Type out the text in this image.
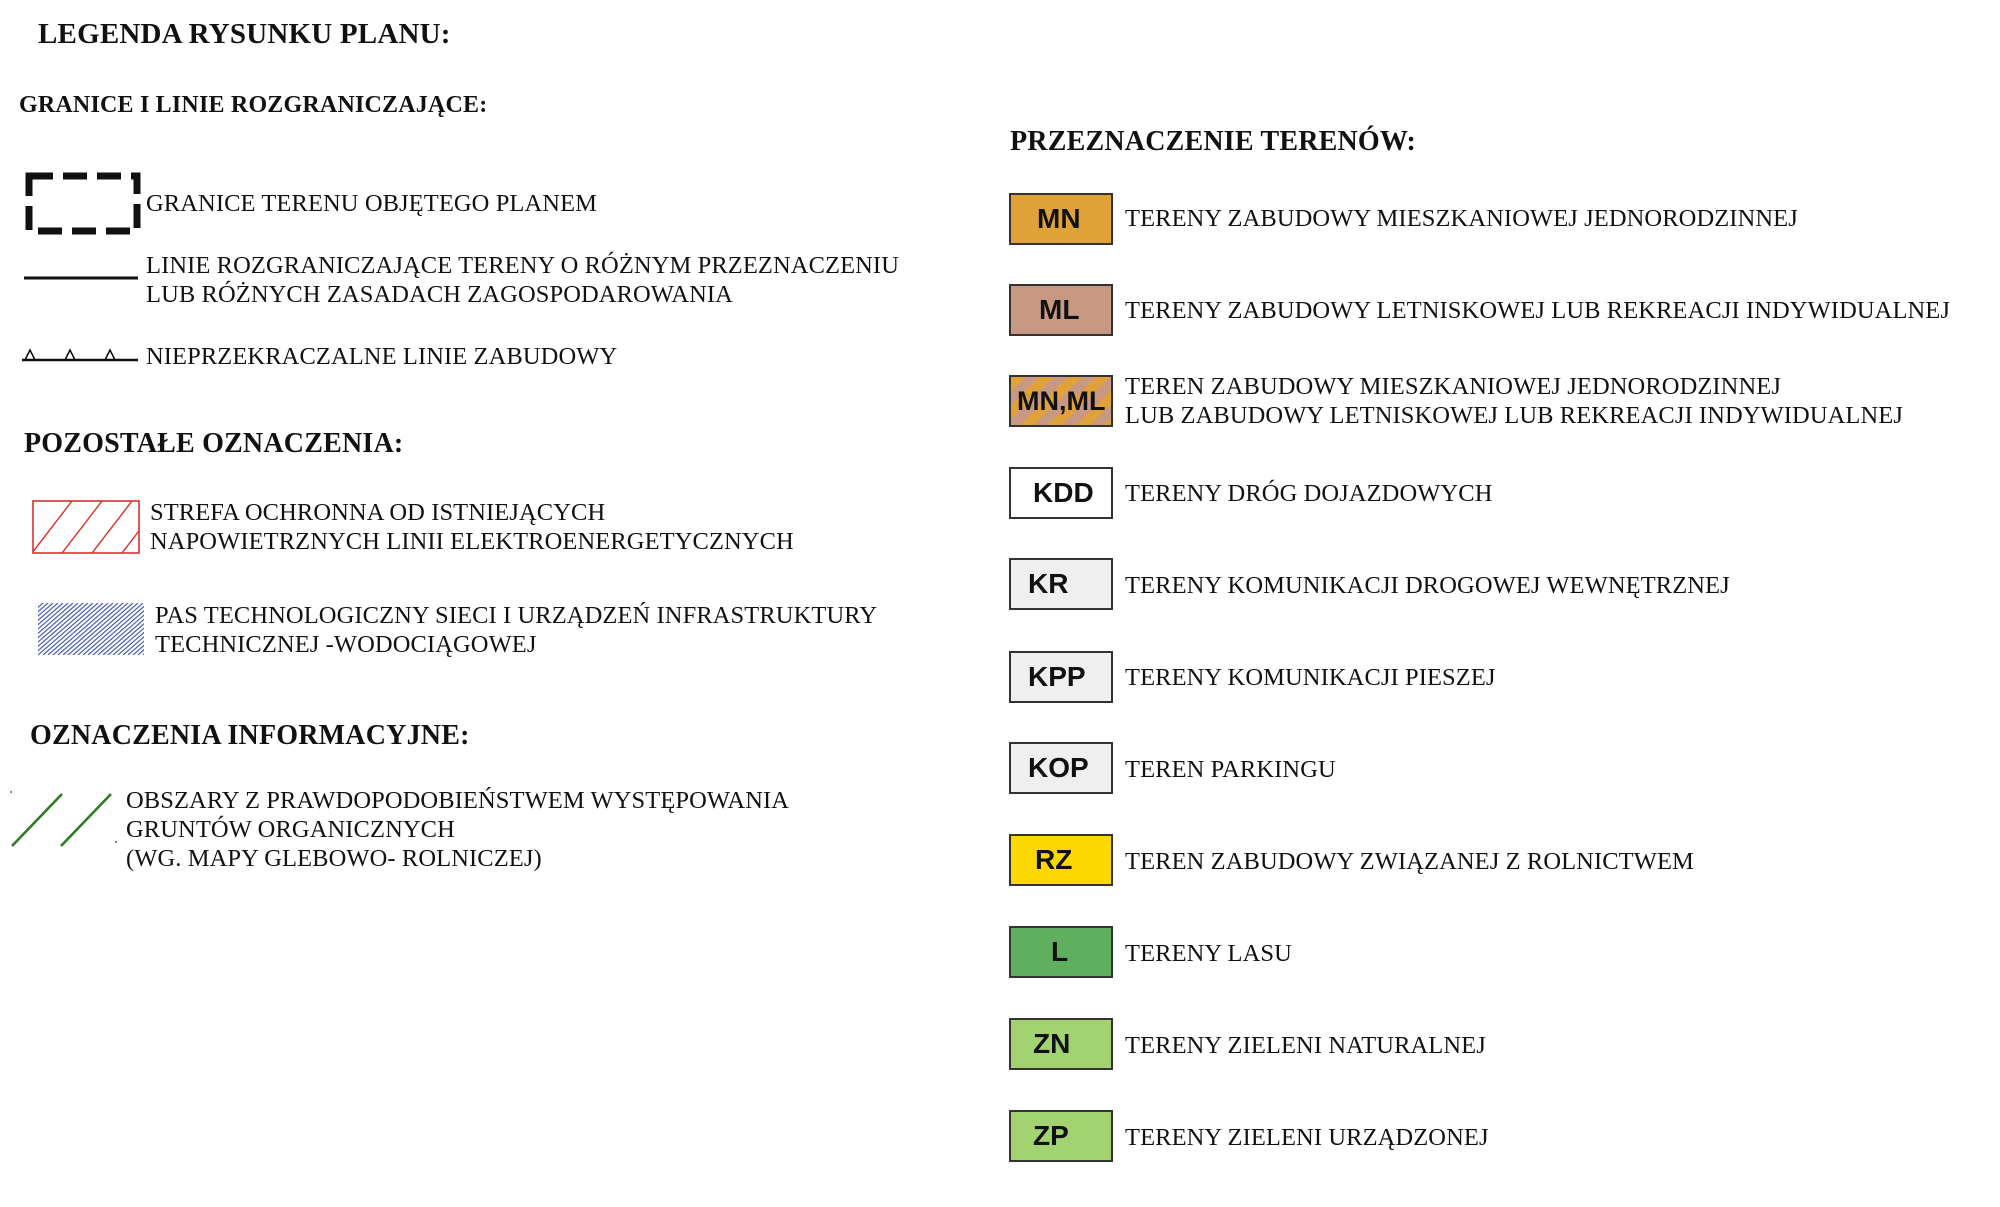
LEGENDA RYSUNKU PLANU:
GRANICE I LINIE ROZGRANICZAJĄCE:
GRANICE TERENU OBJĘTEGO PLANEM
LINIE ROZGRANICZAJĄCE TERENY O RÓŻNYM PRZEZNACZENIU
LUB RÓŻNYCH ZASADACH ZAGOSPODAROWANIA
NIEPRZEKRACZALNE LINIE ZABUDOWY
POZOSTAŁE OZNACZENIA:
STREFA OCHRONNA OD ISTNIEJĄCYCH
NAPOWIETRZNYCH LINII ELEKTROENERGETYCZNYCH
PAS TECHNOLOGICZNY SIECI I URZĄDZEŃ INFRASTRUKTURY
TECHNICZNEJ -WODOCIĄGOWEJ
OZNACZENIA INFORMACYJNE:
OBSZARY Z PRAWDOPODOBIEŃSTWEM WYSTĘPOWANIA
GRUNTÓW ORGANICZNYCH
(WG. MAPY GLEBOWO- ROLNICZEJ)
PRZEZNACZENIE TERENÓW:
MN TERENY ZABUDOWY MIESZKANIOWEJ JEDNORODZINNEJ
ML TERENY ZABUDOWY LETNISKOWEJ LUB REKREACJI INDYWIDUALNEJ
MN,ML TEREN ZABUDOWY MIESZKANIOWEJ JEDNORODZINNEJ
LUB ZABUDOWY LETNISKOWEJ LUB REKREACJI INDYWIDUALNEJ
KDD TERENY DRÓG DOJAZDOWYCH
KR TERENY KOMUNIKACJI DROGOWEJ WEWNĘTRZNEJ
KPP TERENY KOMUNIKACJI PIESZEJ
KOP TEREN PARKINGU
RZ TEREN ZABUDOWY ZWIĄZANEJ Z ROLNICTWEM
L TERENY LASU
ZN TERENY ZIELENI NATURALNEJ
ZP TERENY ZIELENI URZĄDZONEJ
